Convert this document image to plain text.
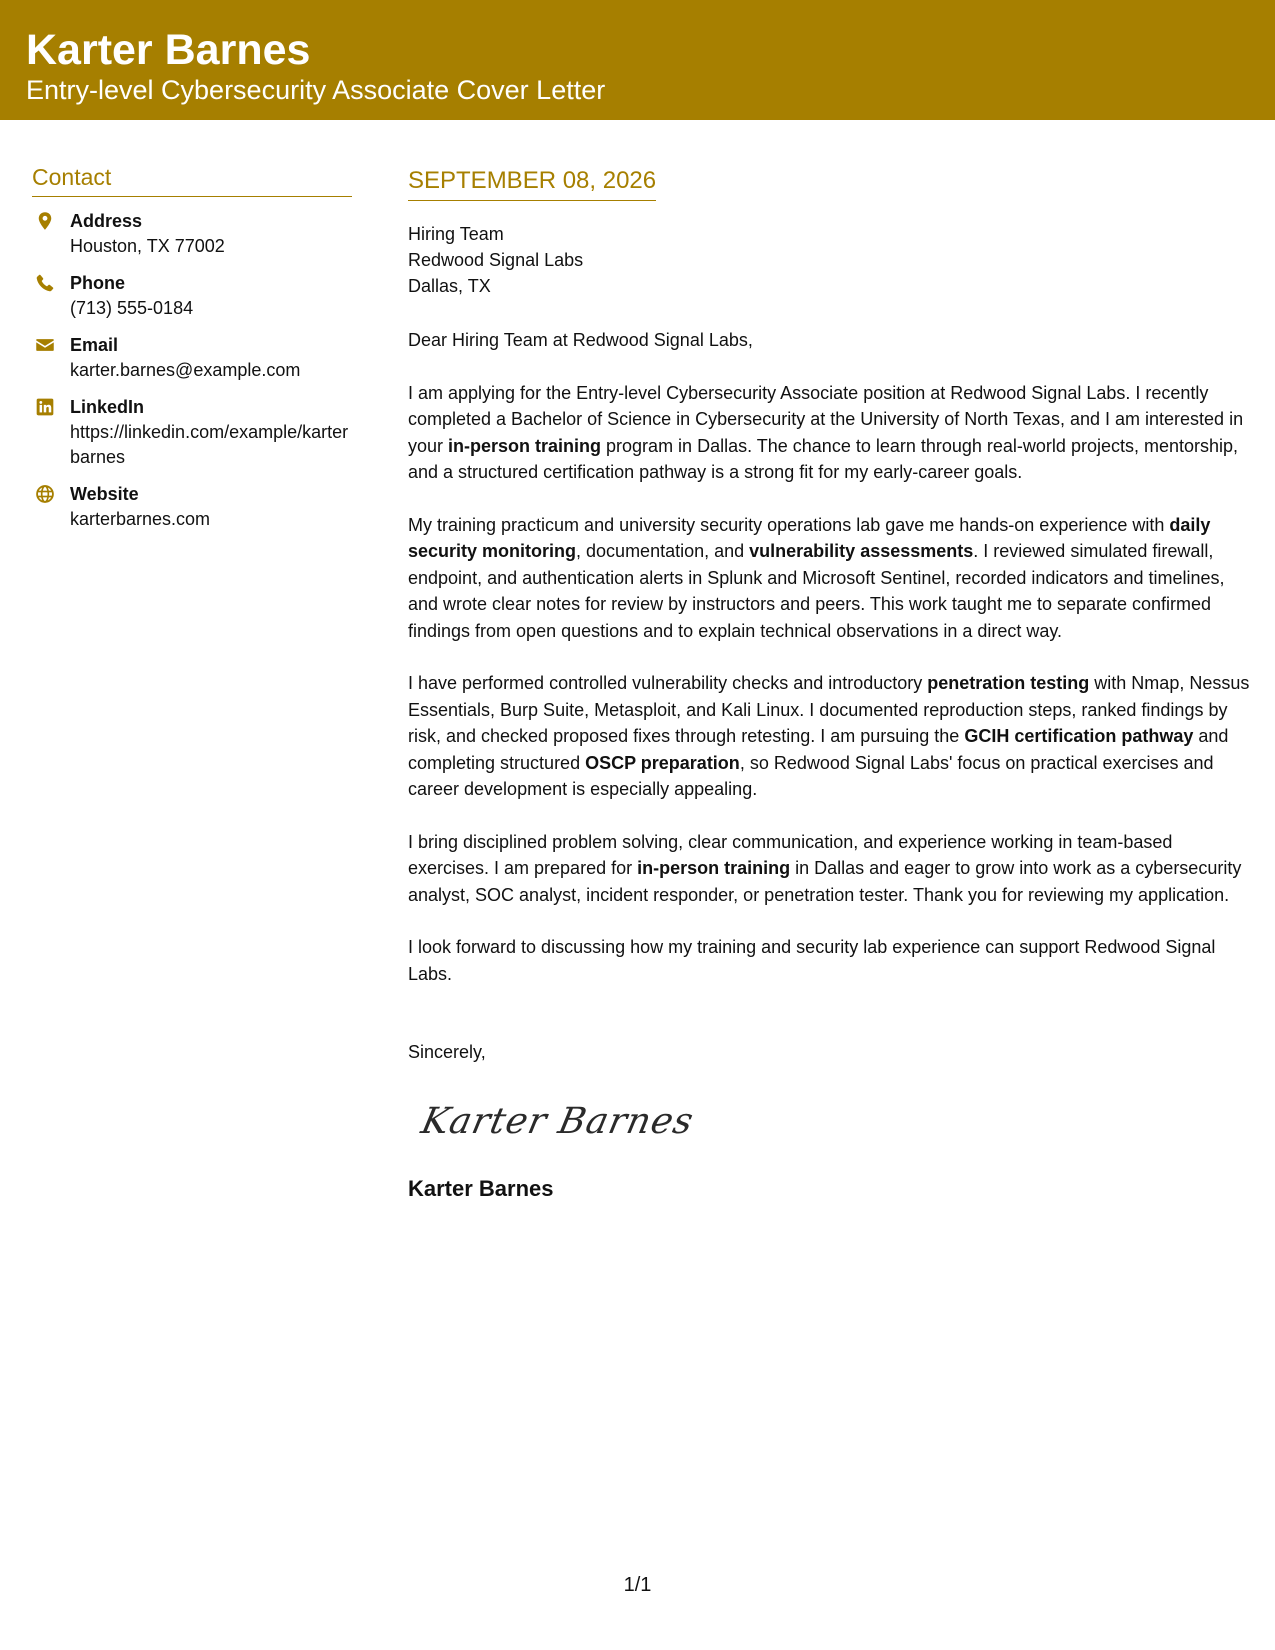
Karter Barnes
Entry-level Cybersecurity Associate Cover Letter
Contact
Address
Houston, TX 77002
Phone
(713) 555-0184
Email
karter.barnes@example.com
LinkedIn
https://linkedin.com/example/karterbarnes
Website
karterbarnes.com
SEPTEMBER 08, 2026
Hiring Team
Redwood Signal Labs
Dallas, TX
Dear Hiring Team at Redwood Signal Labs,

I am applying for the Entry-level Cybersecurity Associate position at Redwood Signal Labs. I recently completed a Bachelor of Science in Cybersecurity at the University of North Texas, and I am interested in your in-person training program in Dallas. The chance to learn through real-world projects, mentorship, and a structured certification pathway is a strong fit for my early-career goals.

My training practicum and university security operations lab gave me hands-on experience with daily security monitoring, documentation, and vulnerability assessments. I reviewed simulated firewall, endpoint, and authentication alerts in Splunk and Microsoft Sentinel, recorded indicators and timelines, and wrote clear notes for review by instructors and peers. This work taught me to separate confirmed findings from open questions and to explain technical observations in a direct way.

I have performed controlled vulnerability checks and introductory penetration testing with Nmap, Nessus Essentials, Burp Suite, Metasploit, and Kali Linux. I documented reproduction steps, ranked findings by risk, and checked proposed fixes through retesting. I am pursuing the GCIH certification pathway and completing structured OSCP preparation, so Redwood Signal Labs' focus on practical exercises and career development is especially appealing.

I bring disciplined problem solving, clear communication, and experience working in team-based exercises. I am prepared for in-person training in Dallas and eager to grow into work as a cybersecurity analyst, SOC analyst, incident responder, or penetration tester. Thank you for reviewing my application.

I look forward to discussing how my training and security lab experience can support Redwood Signal Labs.

Sincerely,
Karter Barnes
Karter Barnes
1/1
